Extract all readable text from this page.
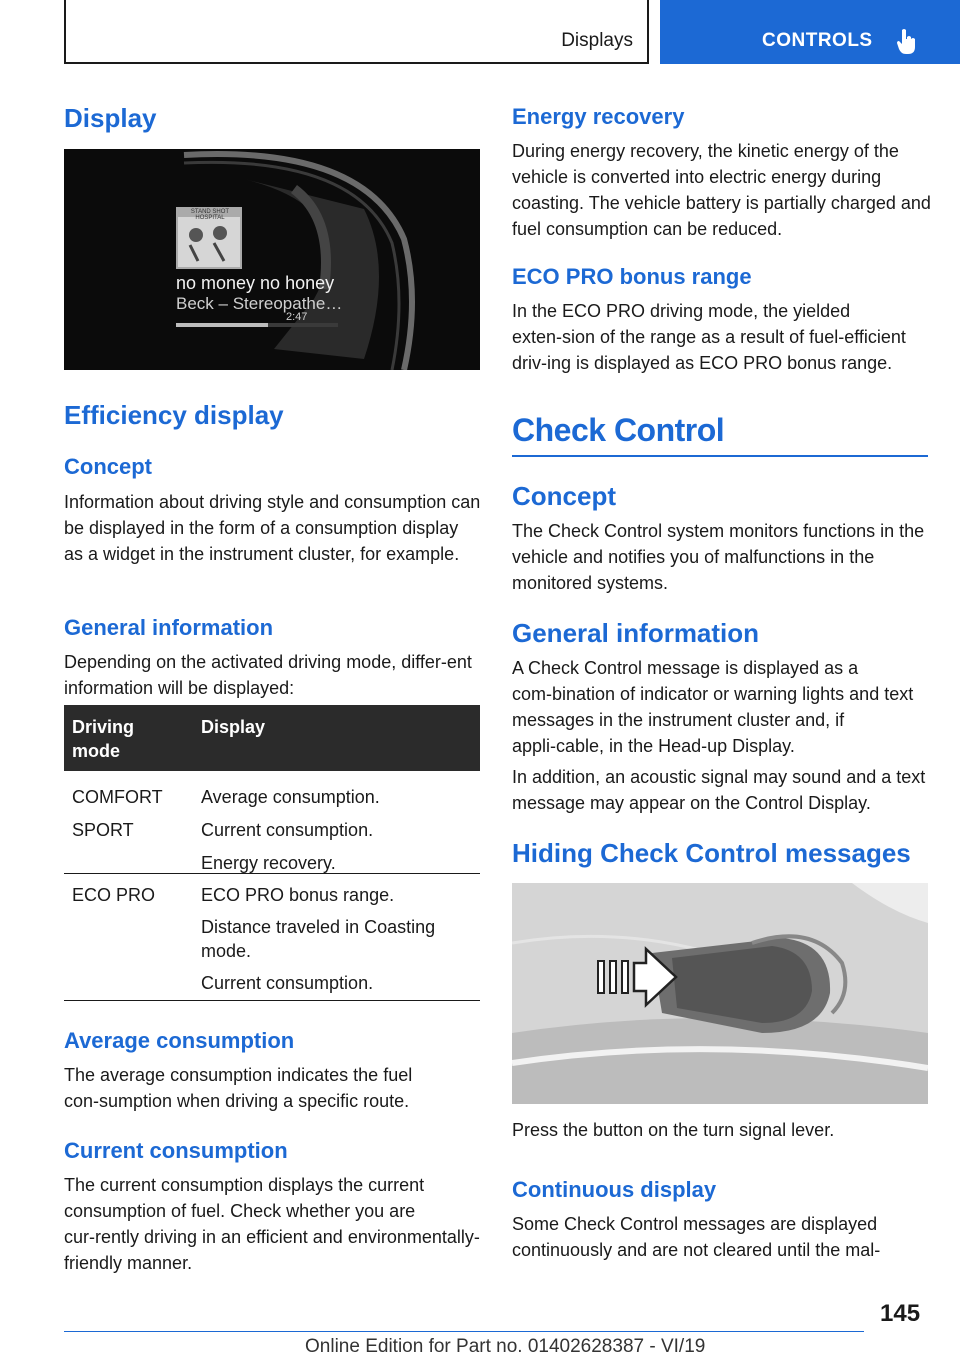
Displays	CONTROLS
Display
STAND SHOT HOSPITAL
no money no honey
Beck – Stereopathe…
2:47
Efficiency display
Concept

Information about driving style and consumption can be displayed in the form of a consumption display as a widget in the instrument cluster, for example.

General information

Depending on the activated driving mode, differ‑ent information will be displayed:

Driving mode
Display
COMFORT
SPORT
Average consumption.
Current consumption.
Energy recovery.
ECO PRO	ECO PRO bonus range.
Distance traveled in Coasting mode.
Current consumption.
Average consumption

The average consumption indicates the fuel con‑sumption when driving a specific route.

Current consumption

The current consumption displays the current consumption of fuel. Check whether you are cur‑rently driving in an efficient and environmentally-friendly manner.

Energy recovery

During energy recovery, the kinetic energy of the vehicle is converted into electric energy during coasting. The vehicle battery is partially charged and fuel consumption can be reduced.

ECO PRO bonus range

In the ECO PRO driving mode, the yielded exten‑sion of the range as a result of fuel-efficient driv‑ing is displayed as ECO PRO bonus range.

Check Control
Concept

The Check Control system monitors functions in the vehicle and notifies you of malfunctions in the monitored systems.

General information

A Check Control message is displayed as a com‑bination of indicator or warning lights and text messages in the instrument cluster and, if appli‑cable, in the Head-up Display.

In addition, an acoustic signal may sound and a text message may appear on the Control Display.

Hiding Check Control messages

Press the button on the turn signal lever.

Continuous display

Some Check Control messages are displayed continuously and are not cleared until the mal‑

145
Online Edition for Part no. 01402628387 - VI/19
